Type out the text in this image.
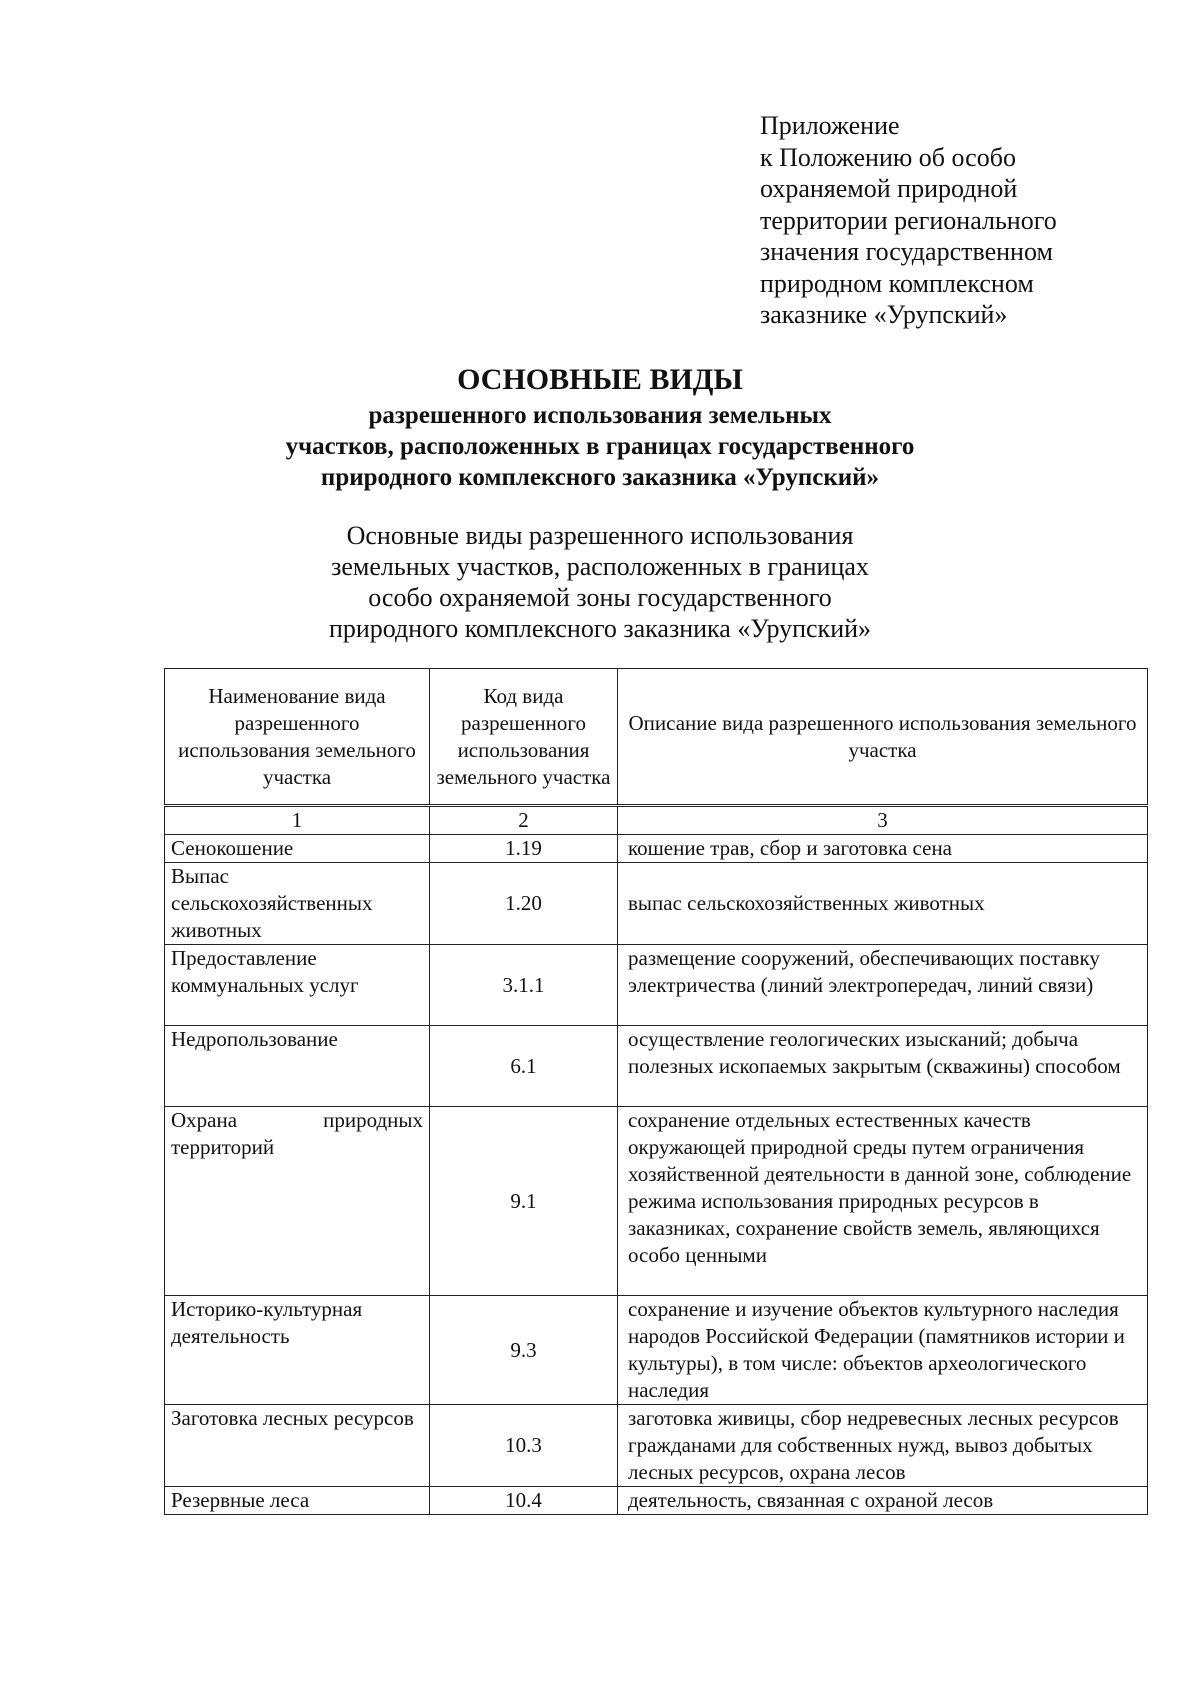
Приложение
к Положению об особо
охраняемой природной
территории регионального
значения государственном
природном комплексном
заказнике «Урупский»
ОСНОВНЫЕ ВИДЫ
разрешенного использования земельных
участков, расположенных в границах государственного
природного комплексного заказника «Урупский»
Основные виды разрешенного использования
земельных участков, расположенных в границах
особо охраняемой зоны государственного
природного комплексного заказника «Урупский»
Наименование вида разрешенного использования земельного участка	Код вида разрешенного использования земельного участка	Описание вида разрешенного использования земельного участка
1	2	3
Сенокошение	1.19	кошение трав, сбор и заготовка сена
Выпас сельскохозяйственных животных	1.20	выпас сельскохозяйственных животных
Предоставление коммунальных услуг	3.1.1	размещение сооружений, обеспечивающих поставку электричества (линий электропередач, линий связи)
Недропользование	6.1	осуществление геологических изысканий; добыча полезных ископаемых закрытым (скважины) способом
Охрана природных территорий	9.1	сохранение отдельных естественных качеств окружающей природной среды путем ограничения хозяйственной деятельности в данной зоне, соблюдение режима использования природных ресурсов в заказниках, сохранение свойств земель, являющихся особо ценными
Историко-культурная деятельность	9.3	сохранение и изучение объектов культурного наследия народов Российской Федерации (памятников истории и культуры), в том числе: объектов археологического наследия
Заготовка лесных ресурсов	10.3	заготовка живицы, сбор недревесных лесных ресурсов гражданами для собственных нужд, вывоз добытых лесных ресурсов, охрана лесов
Резервные леса	10.4	деятельность, связанная с охраной лесов
